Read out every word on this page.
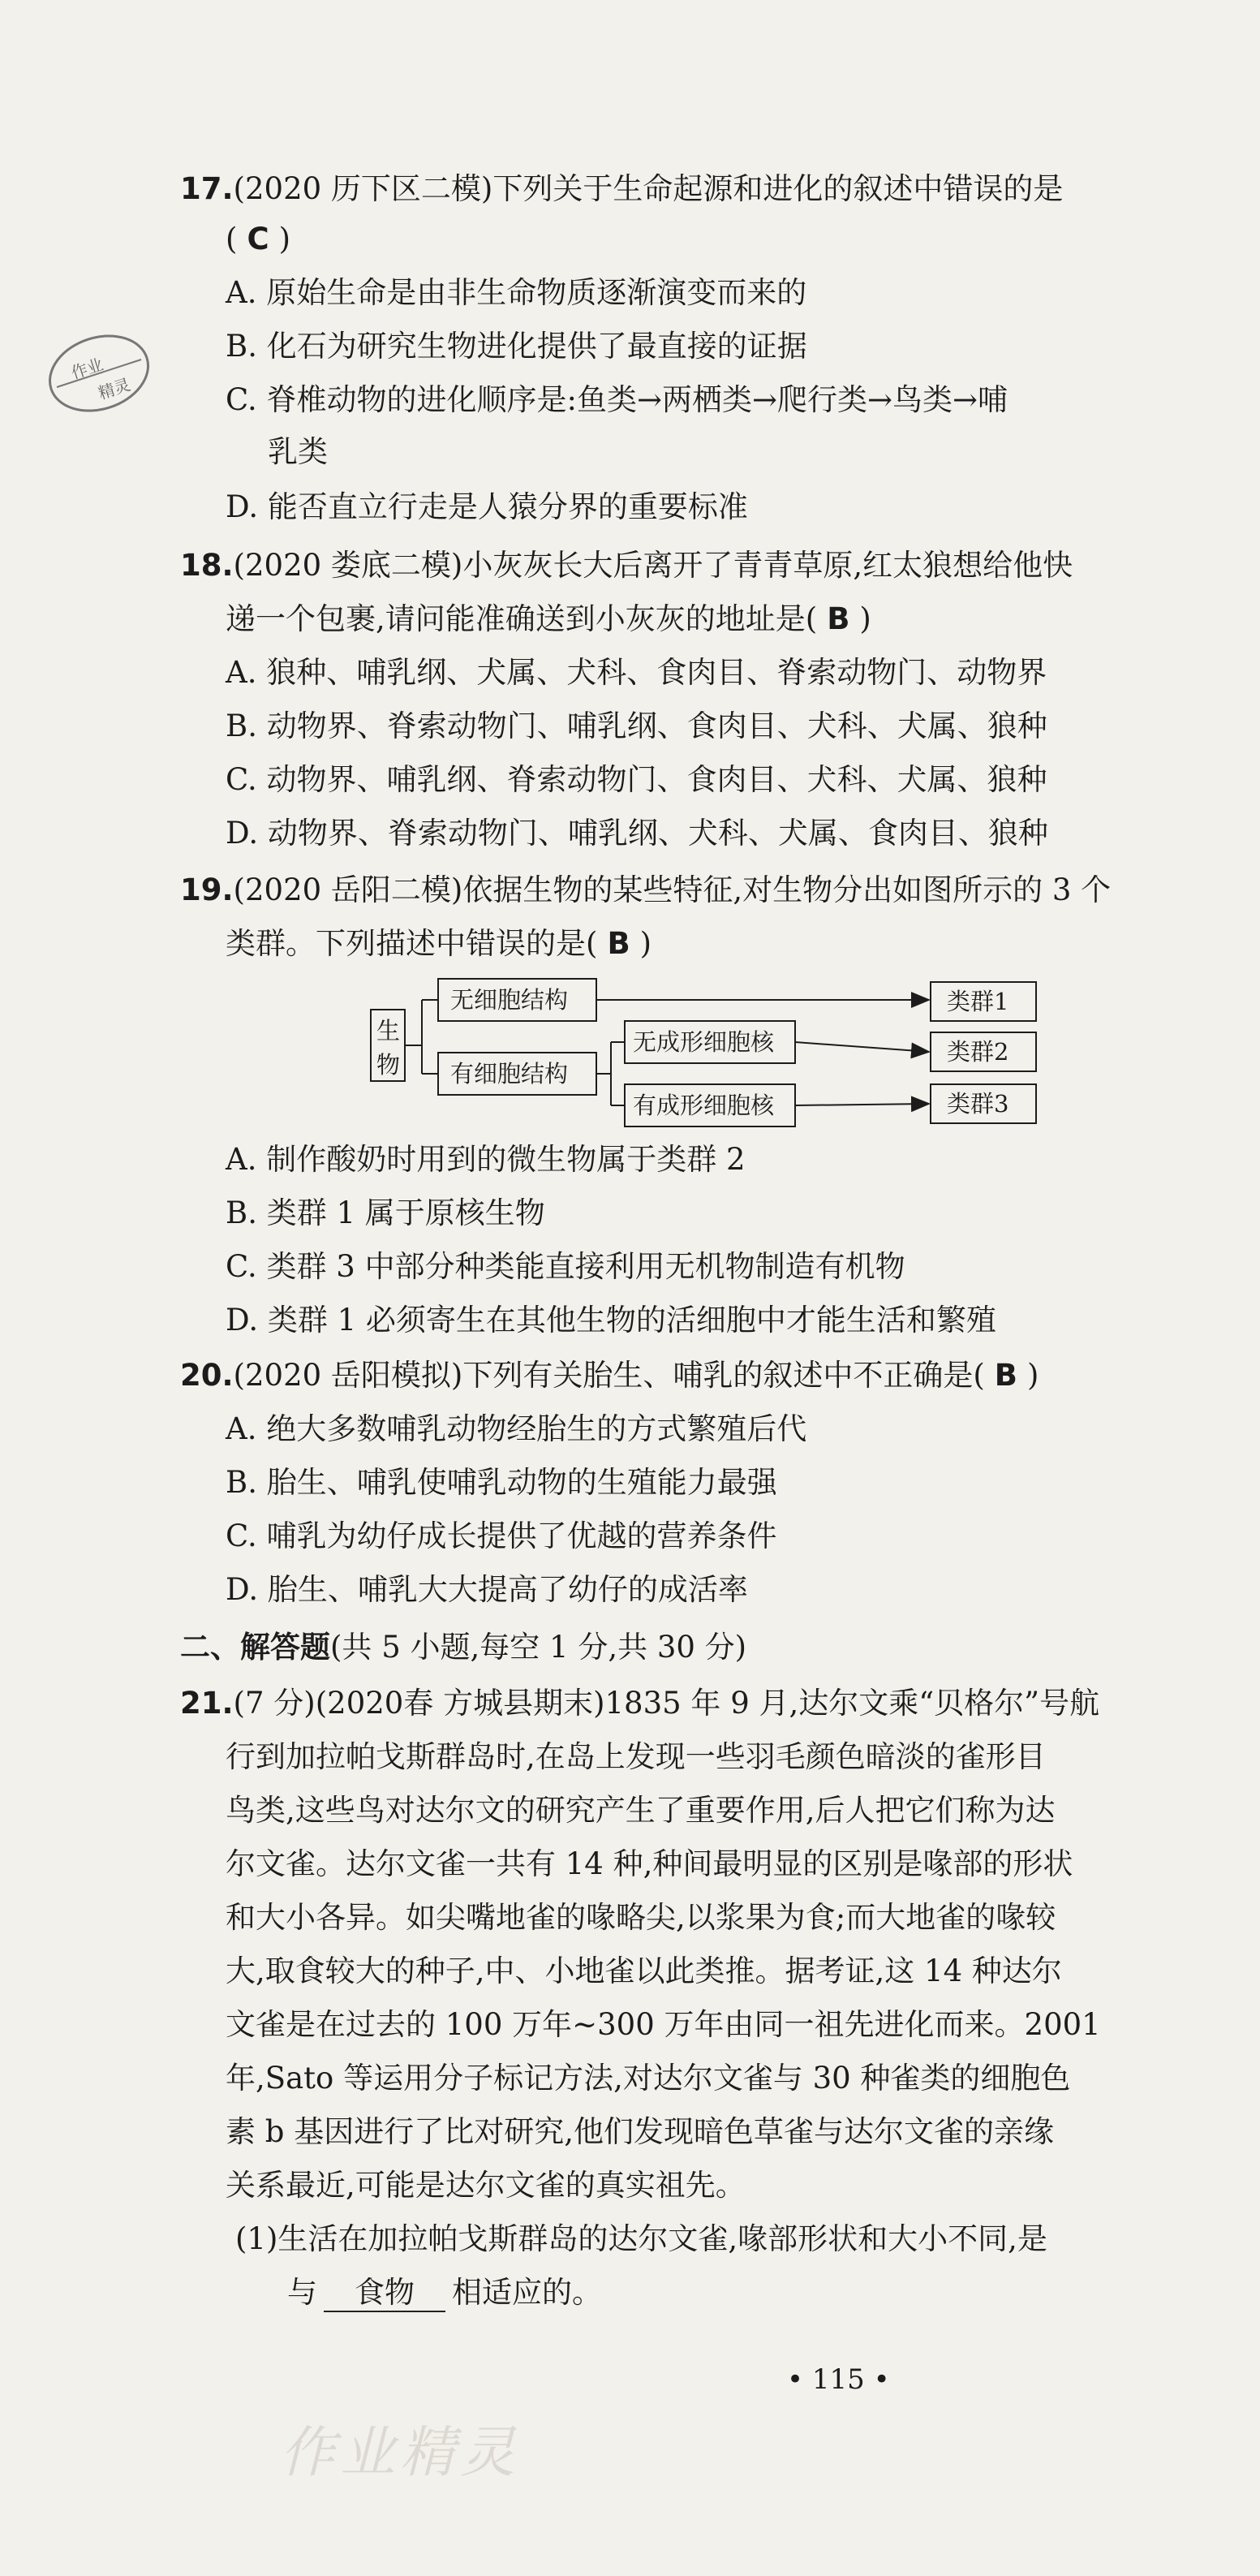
作业
精灵
17.(2020 历下区二模)下列关于生命起源和进化的叙述中错误的是
( C )
A. 原始生命是由非生命物质逐渐演变而来的
B. 化石为研究生物进化提供了最直接的证据
C. 脊椎动物的进化顺序是:鱼类→两栖类→爬行类→鸟类→哺
乳类
D. 能否直立行走是人猿分界的重要标准
18.(2020 娄底二模)小灰灰长大后离开了青青草原,红太狼想给他快
递一个包裹,请问能准确送到小灰灰的地址是( B )
A. 狼种、哺乳纲、犬属、犬科、食肉目、脊索动物门、动物界
B. 动物界、脊索动物门、哺乳纲、食肉目、犬科、犬属、狼种
C. 动物界、哺乳纲、脊索动物门、食肉目、犬科、犬属、狼种
D. 动物界、脊索动物门、哺乳纲、犬科、犬属、食肉目、狼种
19.(2020 岳阳二模)依据生物的某些特征,对生物分出如图所示的 3 个
类群。下列描述中错误的是( B )
生
物
无细胞结构
有细胞结构
无成形细胞核
有成形细胞核
类群1
类群2
类群3
A. 制作酸奶时用到的微生物属于类群 2
B. 类群 1 属于原核生物
C. 类群 3 中部分种类能直接利用无机物制造有机物
D. 类群 1 必须寄生在其他生物的活细胞中才能生活和繁殖
20.(2020 岳阳模拟)下列有关胎生、哺乳的叙述中不正确是( B )
A. 绝大多数哺乳动物经胎生的方式繁殖后代
B. 胎生、哺乳使哺乳动物的生殖能力最强
C. 哺乳为幼仔成长提供了优越的营养条件
D. 胎生、哺乳大大提高了幼仔的成活率
二、解答题(共 5 小题,每空 1 分,共 30 分)
21.(7 分)(2020春 方城县期末)1835 年 9 月,达尔文乘“贝格尔”号航
行到加拉帕戈斯群岛时,在岛上发现一些羽毛颜色暗淡的雀形目
鸟类,这些鸟对达尔文的研究产生了重要作用,后人把它们称为达
尔文雀。达尔文雀一共有 14 种,种间最明显的区别是喙部的形状
和大小各异。如尖嘴地雀的喙略尖,以浆果为食;而大地雀的喙较
大,取食较大的种子,中、小地雀以此类推。据考证,这 14 种达尔
文雀是在过去的 100 万年~300 万年由同一祖先进化而来。2001
年,Sato 等运用分子标记方法,对达尔文雀与 30 种雀类的细胞色
素 b 基因进行了比对研究,他们发现暗色草雀与达尔文雀的亲缘
关系最近,可能是达尔文雀的真实祖先。
(1)生活在加拉帕戈斯群岛的达尔文雀,喙部形状和大小不同,是
与 食物 相适应的。
• 115 •
作业精灵
